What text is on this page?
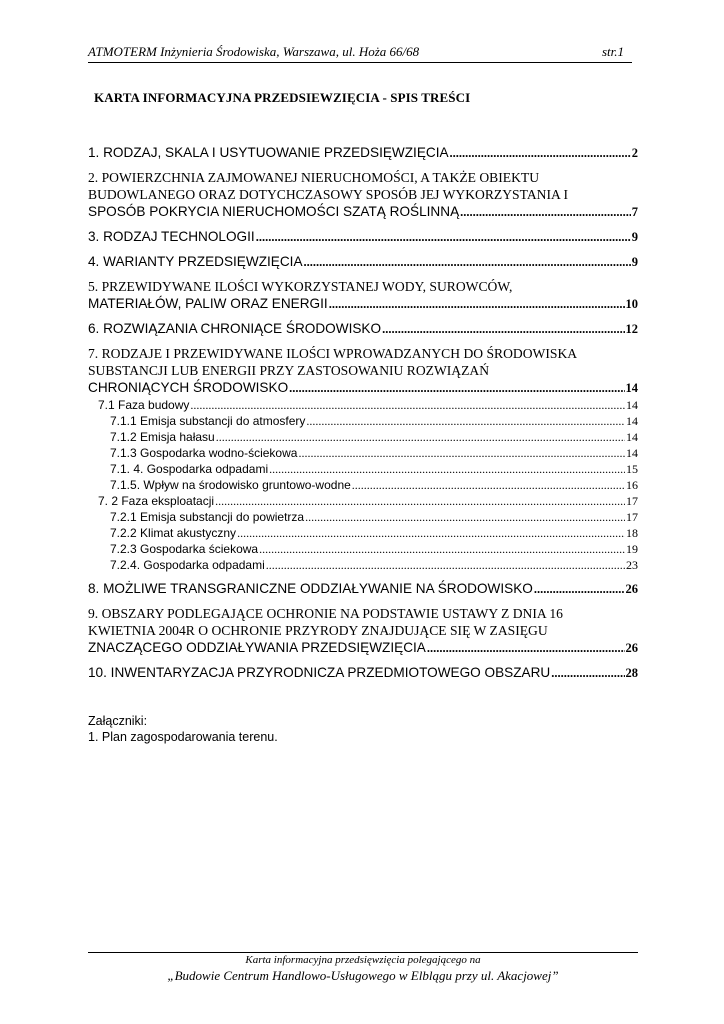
ATMOTERM Inżynieria Środowiska, Warszawa, ul. Hoża 66/68	str.1
KARTA INFORMACYJNA PRZEDSIEWZIĘCIA - SPIS TREŚCI
1. RODZAJ, SKALA I USYTUOWANIE PRZEDSIĘWZIĘCIA .....	2
2. POWIERZCHNIA ZAJMOWANEJ NIERUCHOMOŚCI, A TAKŻE OBIEKTU
BUDOWLANEGO ORAZ DOTYCHCZASOWY SPOSÓB JEJ WYKORZYSTANIA I
SPOSÓB POKRYCIA NIERUCHOMOŚCI SZATĄ ROŚLINNĄ .....	7
3. RODZAJ TECHNOLOGII .....	9
4. WARIANTY PRZEDSIĘWZIĘCIA .....	9
5. PRZEWIDYWANE ILOŚCI WYKORZYSTANEJ WODY, SUROWCÓW,
MATERIAŁÓW, PALIW ORAZ ENERGII .....	10
6. ROZWIĄZANIA CHRONIĄCE ŚRODOWISKO .....	12
7. RODZAJE I PRZEWIDYWANE ILOŚCI WPROWADZANYCH DO ŚRODOWISKA
SUBSTANCJI LUB ENERGII PRZY ZASTOSOWANIU ROZWIĄZAŃ
CHRONIĄCYCH ŚRODOWISKO .....	14
7.1 Faza budowy .....	14
7.1.1 Emisja substancji do atmosfery .....	14
7.1.2 Emisja hałasu .....	14
7.1.3 Gospodarka wodno-ściekowa .....	14
7.1. 4. Gospodarka odpadami .....	15
7.1.5. Wpływ na środowisko gruntowo-wodne .....	16
7. 2 Faza eksploatacji .....	17
7.2.1 Emisja substancji do powietrza .....	17
7.2.2 Klimat akustyczny .....	18
7.2.3 Gospodarka ściekowa .....	19
7.2.4. Gospodarka odpadami .....	23
8. MOŻLIWE TRANSGRANICZNE ODDZIAŁYWANIE NA ŚRODOWISKO .....	26
9. OBSZARY PODLEGAJĄCE OCHRONIE NA PODSTAWIE USTAWY Z DNIA 16
KWIETNIA 2004R O OCHRONIE PRZYRODY ZNAJDUJĄCE SIĘ W ZASIĘGU
ZNACZĄCEGO ODDZIAŁYWANIA PRZEDSIĘWZIĘCIA .....	26
10. INWENTARYZACJA PRZYRODNICZA PRZEDMIOTOWEGO OBSZARU .....	28
Załączniki:
1. Plan zagospodarowania terenu.
Karta informacyjna przedsięwzięcia polegającego na
„Budowie Centrum Handlowo-Usługowego w Elblągu przy ul. Akacjowej”
